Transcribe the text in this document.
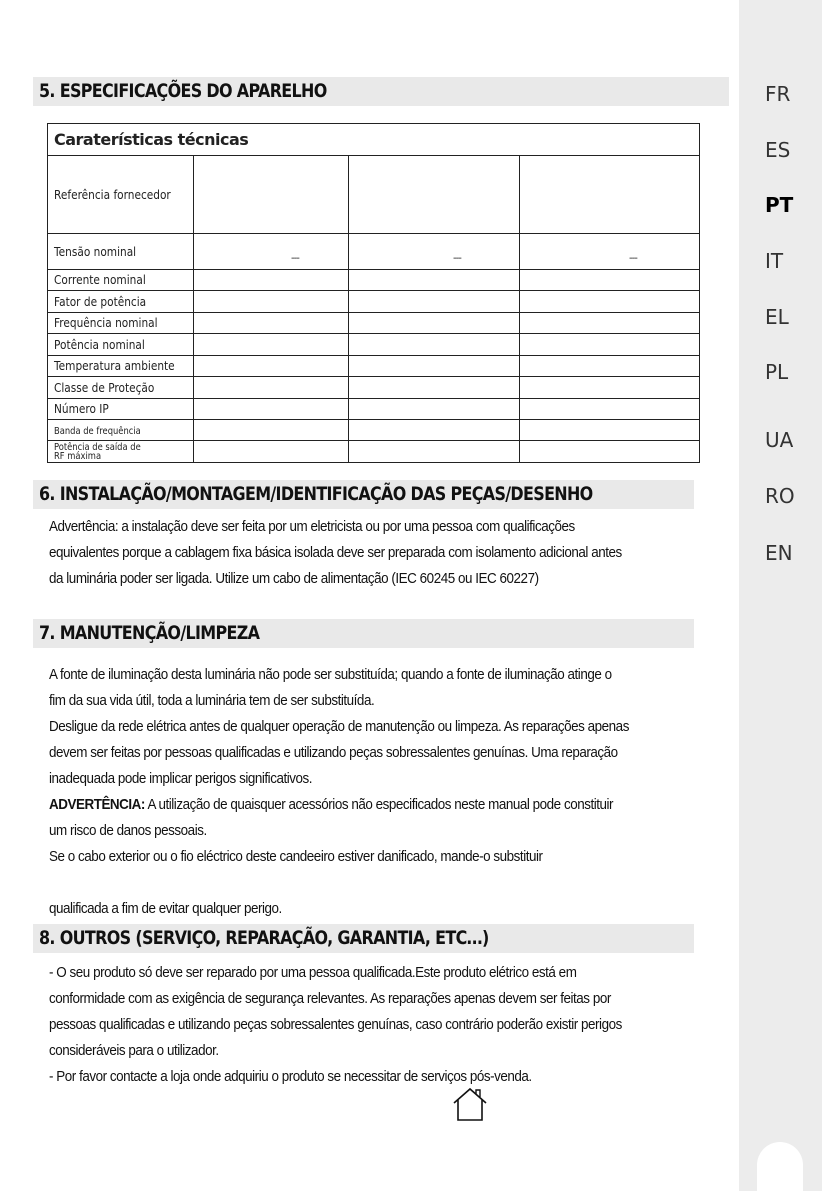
FR
ES
PT
IT
EL
PL
UA
RO
EN
5. ESPECIFICAÇÕES DO APARELHO
Caraterísticas técnicas			
Referência fornecedor			
Tensão nominal	---	---	---

Corrente nominal			
Fator de potência			
Frequência nominal			
Potência nominal			
Temperatura ambiente			
Classe de Proteção			
Número IP			
Banda de frequência			
Potência de saída de RF máxima			
6. INSTALAÇÃO/MONTAGEM/IDENTIFICAÇÃO DAS PEÇAS/DESENHO

Advertência: a instalação deve ser feita por um eletricista ou por uma pessoa com qualificações

equivalentes porque a cablagem fixa básica isolada deve ser preparada com isolamento adicional antes

da luminária poder ser ligada. Utilize um cabo de alimentação (IEC 60245 ou IEC 60227)

7. MANUTENÇÃO/LIMPEZA

A fonte de iluminação desta luminária não pode ser substituída; quando a fonte de iluminação atinge o

fim da sua vida útil, toda a luminária tem de ser substituída.

Desligue da rede elétrica antes de qualquer operação de manutenção ou limpeza. As reparações apenas

devem ser feitas por pessoas qualificadas e utilizando peças sobressalentes genuínas. Uma reparação

inadequada pode implicar perigos significativos.

ADVERTÊNCIA: A utilização de quaisquer acessórios não especificados neste manual pode constituir

um risco de danos pessoais.

Se o cabo exterior ou o fio eléctrico deste candeeiro estiver danificado, mande-o substituir

qualificada a fim de evitar qualquer perigo.

8. OUTROS (SERVIÇO, REPARAÇÃO, GARANTIA, ETC…)

- O seu produto só deve ser reparado por uma pessoa qualificada.Este produto elétrico está em

conformidade com as exigência de segurança relevantes. As reparações apenas devem ser feitas por

pessoas qualificadas e utilizando peças sobressalentes genuínas, caso contrário poderão existir perigos

consideráveis para o utilizador.

- Por favor contacte a loja onde adquiriu o produto se necessitar de serviços pós-venda.
